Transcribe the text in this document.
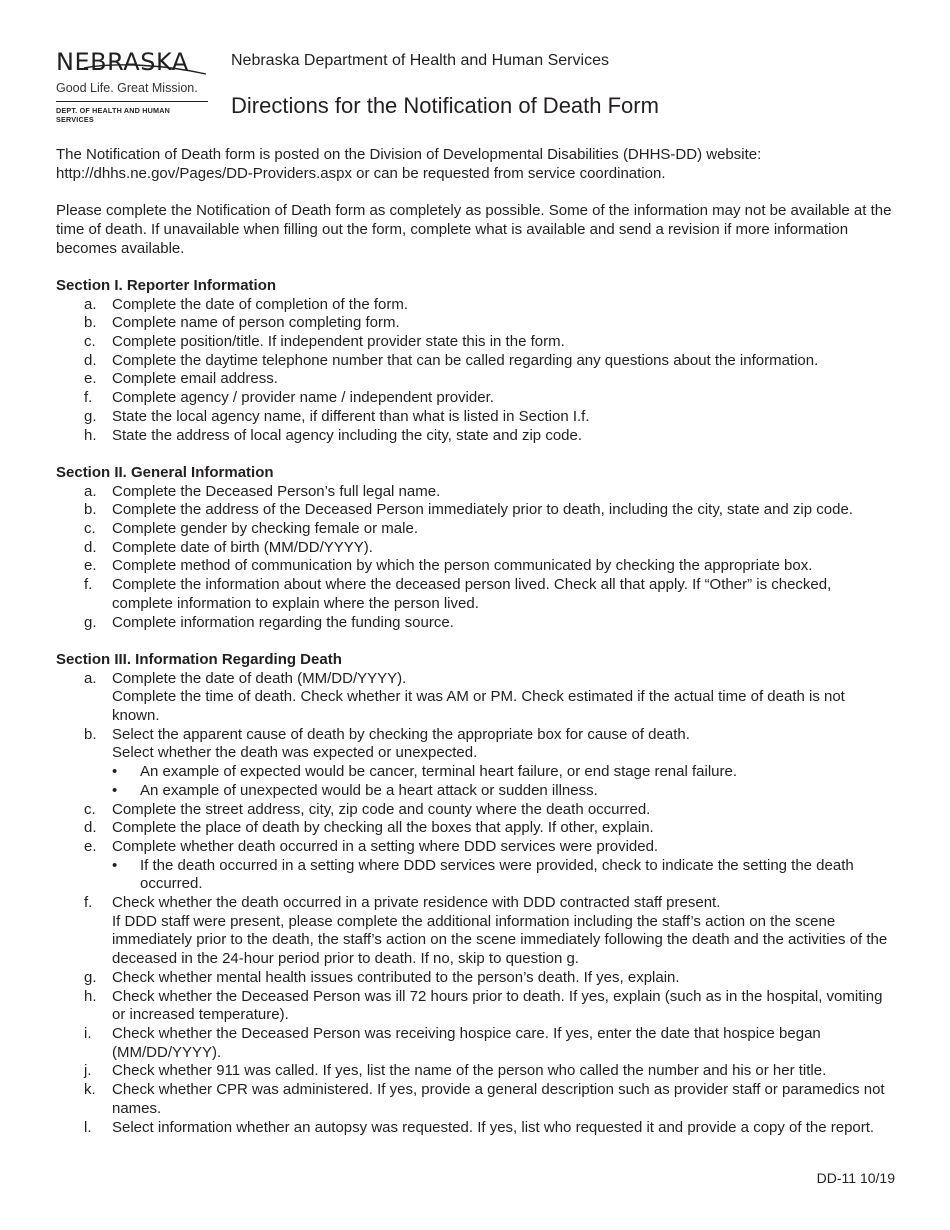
NEBRASKA
Good Life. Great Mission.
DEPT. OF HEALTH AND HUMAN SERVICES
Nebraska Department of Health and Human Services
Directions for the Notification of Death Form

The Notification of Death form is posted on the Division of Developmental Disabilities (DHHS-DD) website: http://dhhs.ne.gov/Pages/DD-Providers.aspx or can be requested from service coordination.

Please complete the Notification of Death form as completely as possible. Some of the information may not be available at the time of death. If unavailable when filling out the form, complete what is available and send a revision if more information becomes available.

Section I. Reporter Information
a.	Complete the date of completion of the form.
b.	Complete name of person completing form.
c.	Complete position/title. If independent provider state this in the form.
d.	Complete the daytime telephone number that can be called regarding any questions about the information.
e.	Complete email address.
f.	Complete agency / provider name / independent provider.
g.	State the local agency name, if different than what is listed in Section I.f.
h.	State the address of local agency including the city, state and zip code.
Section II. General Information
a.	Complete the Deceased Person’s full legal name.
b.	Complete the address of the Deceased Person immediately prior to death, including the city, state and zip code.
c.	Complete gender by checking female or male.
d.	Complete date of birth (MM/DD/YYYY).
e.	Complete method of communication by which the person communicated by checking the appropriate box.
f.	Complete the information about where the deceased person lived. Check all that apply. If “Other” is checked, complete information to explain where the person lived.
g.	Complete information regarding the funding source.
Section III. Information Regarding Death
a.	Complete the date of death (MM/DD/YYYY).
Complete the time of death. Check whether it was AM or PM. Check estimated if the actual time of death is not known.
b.	Select the apparent cause of death by checking the appropriate box for cause of death.
Select whether the death was expected or unexpected.
•	An example of expected would be cancer, terminal heart failure, or end stage renal failure.
•	An example of unexpected would be a heart attack or sudden illness.
c.	Complete the street address, city, zip code and county where the death occurred.
d.	Complete the place of death by checking all the boxes that apply. If other, explain.
e.	Complete whether death occurred in a setting where DDD services were provided.
•	If the death occurred in a setting where DDD services were provided, check to indicate the setting the death occurred.
f.	Check whether the death occurred in a private residence with DDD contracted staff present.
If DDD staff were present, please complete the additional information including the staff’s action on the scene immediately prior to the death, the staff’s action on the scene immediately following the death and the activities of the deceased in the 24-hour period prior to death. If no, skip to question g.
g.	Check whether mental health issues contributed to the person’s death. If yes, explain.
h.	Check whether the Deceased Person was ill 72 hours prior to death. If yes, explain (such as in the hospital, vomiting or increased temperature).
i.	Check whether the Deceased Person was receiving hospice care. If yes, enter the date that hospice began (MM/DD/YYYY).
j.	Check whether 911 was called. If yes, list the name of the person who called the number and his or her title.
k.	Check whether CPR was administered. If yes, provide a general description such as provider staff or paramedics not names.
l.	Select information whether an autopsy was requested. If yes, list who requested it and provide a copy of the report.
DD-11 10/19
